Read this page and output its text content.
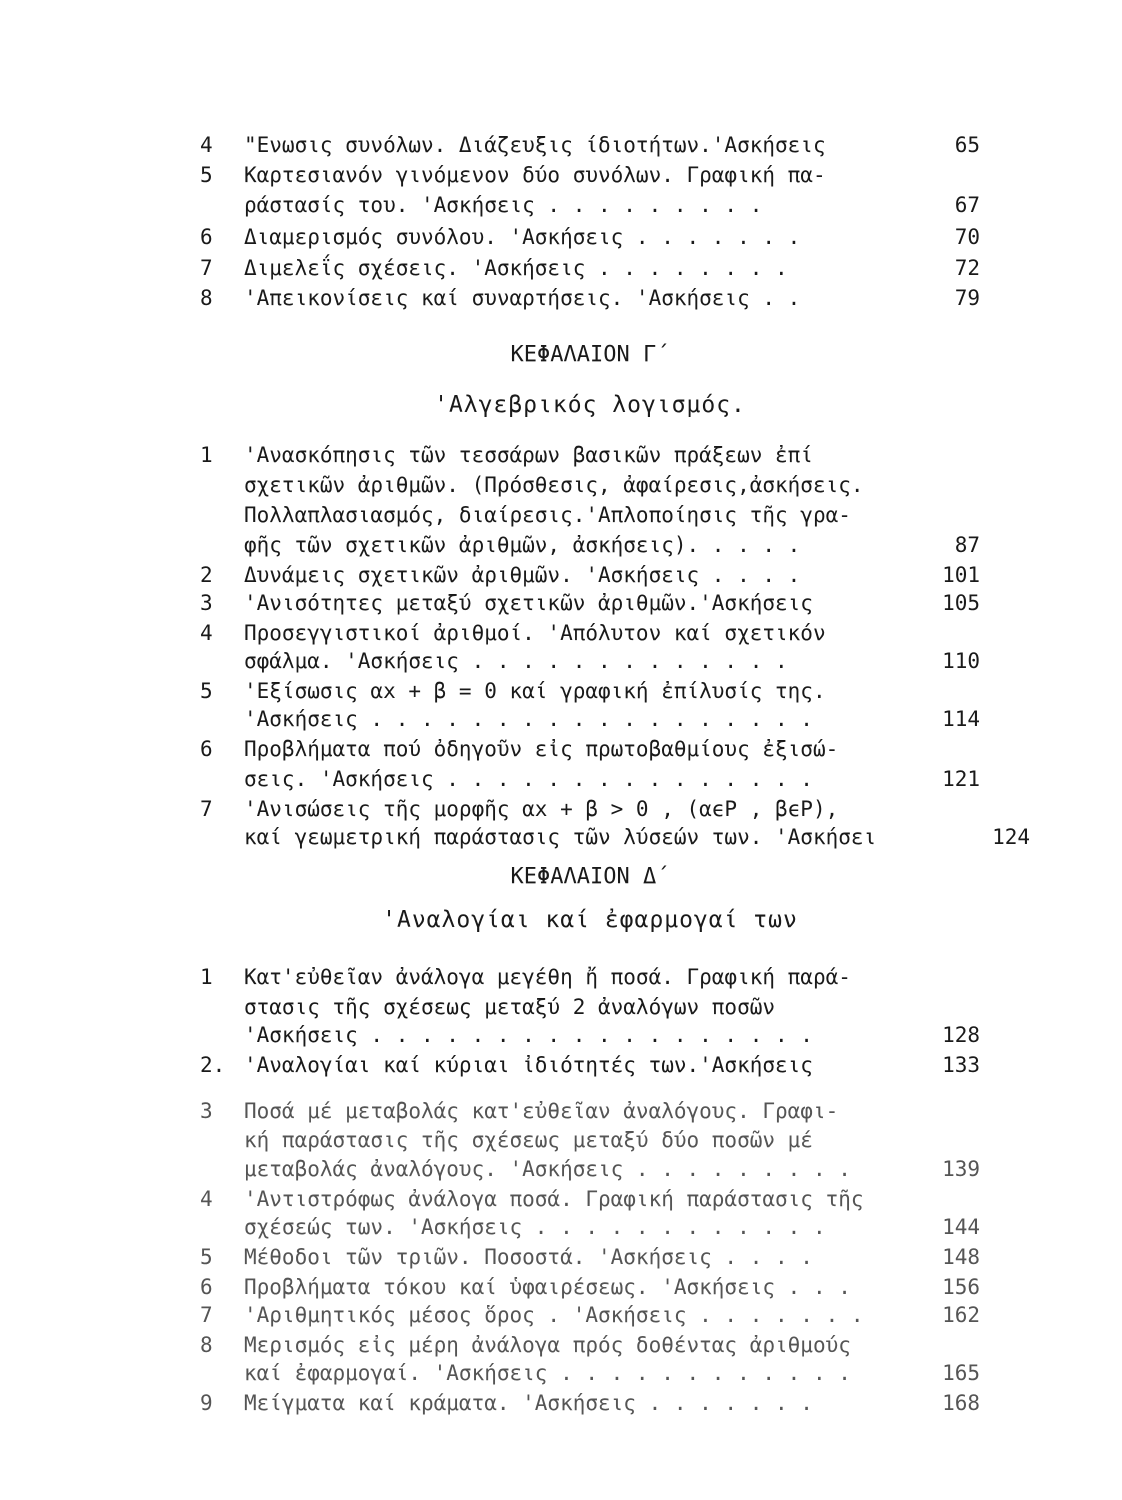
4	"Ενωσις συνόλων. Διάζευξις ίδιοτήτων.'Ασκήσεις	65
5	Καρτεσιανόν γινόμενον δύο συνόλων. Γραφική πα-
ράστασίς του. 'Ασκήσεις . . . . . . . . .	67
6	Διαμερισμός συνόλου. 'Ασκήσεις . . . . . . .	70
7	Διμελεΐς σχέσεις. 'Ασκήσεις . . . . . . . .	72
8	'Απεικονίσεις καί συναρτήσεις. 'Ασκήσεις . .	79
ΚΕΦΑΛΑΙΟΝ Γ΄
'Αλγεβρικός λογισμός.
1	'Ανασκόπησις τῶν τεσσάρων βασικῶν πράξεων ἐπί
σχετικῶν ἀριθμῶν. (Πρόσθεσις, ἀφαίρεσις,ἀσκήσεις.
Πολλαπλασιασμός, διαίρεσις.'Απλοποίησις τῆς γρα-
φῆς τῶν σχετικῶν ἀριθμῶν, ἀσκήσεις). . . . .	87
2	Δυνάμεις σχετικῶν ἀριθμῶν. 'Ασκήσεις . . . .	101
3	'Ανισότητες μεταξύ σχετικῶν ἀριθμῶν.'Ασκήσεις	105
4	Προσεγγιστικοί ἀριθμοί. 'Απόλυτον καί σχετικόν
σφάλμα. 'Ασκήσεις . . . . . . . . . . . . .	110
5	'Εξίσωσις αx + β = 0 καί γραφική ἐπίλυσίς της.
'Ασκήσεις . . . . . . . . . . . . . . . . . .	114
6	Προβλήματα πού ὀδηγοῦν εἰς πρωτοβαθμίους ἐξισώ-
σεις. 'Ασκήσεις . . . . . . . . . . . . . . .	121
7	'Ανισώσεις τῆς μορφῆς αx + β > 0 , (αϵP , βϵP),
καί γεωμετρική παράστασις τῶν λύσεών των. 'Ασκήσει	124
ΚΕΦΑΛΑΙΟΝ Δ΄
'Αναλογίαι καί ἐφαρμογαί των
1	Κατ'εὐθεῖαν ἀνάλογα μεγέθη ἤ ποσά. Γραφική παρά-
στασις τῆς σχέσεως μεταξύ 2 ἀναλόγων ποσῶν
'Ασκήσεις . . . . . . . . . . . . . . . . . .	128
2. 'Αναλογίαι καί κύριαι ἰδιότητές των.'Ασκήσεις	133
3	Ποσά μέ μεταβολάς κατ'εὐθεῖαν ἀναλόγους. Γραφι-
κή παράστασις τῆς σχέσεως μεταξύ δύο ποσῶν μέ
μεταβολάς ἀναλόγους. 'Ασκήσεις . . . . . . . . .	139
4	'Αντιστρόφως ἀνάλογα ποσά. Γραφική παράστασις τῆς
σχέσεώς των. 'Ασκήσεις . . . . . . . . . . . .	144
5	Μέθοδοι τῶν τριῶν. Ποσοστά. 'Ασκήσεις . . . .	148
6	Προβλήματα τόκου καί ὑφαιρέσεως. 'Ασκήσεις . . .	156
7	'Αριθμητικός μέσος ὅρος . 'Ασκήσεις . . . . . . .	162
8	Μερισμός εἰς μέρη ἀνάλογα πρός δοθέντας ἀριθμούς
καί ἐφαρμογαί. 'Ασκήσεις . . . . . . . . . . . .	165
9	Μείγματα καί κράματα. 'Ασκήσεις . . . . . . .	168
